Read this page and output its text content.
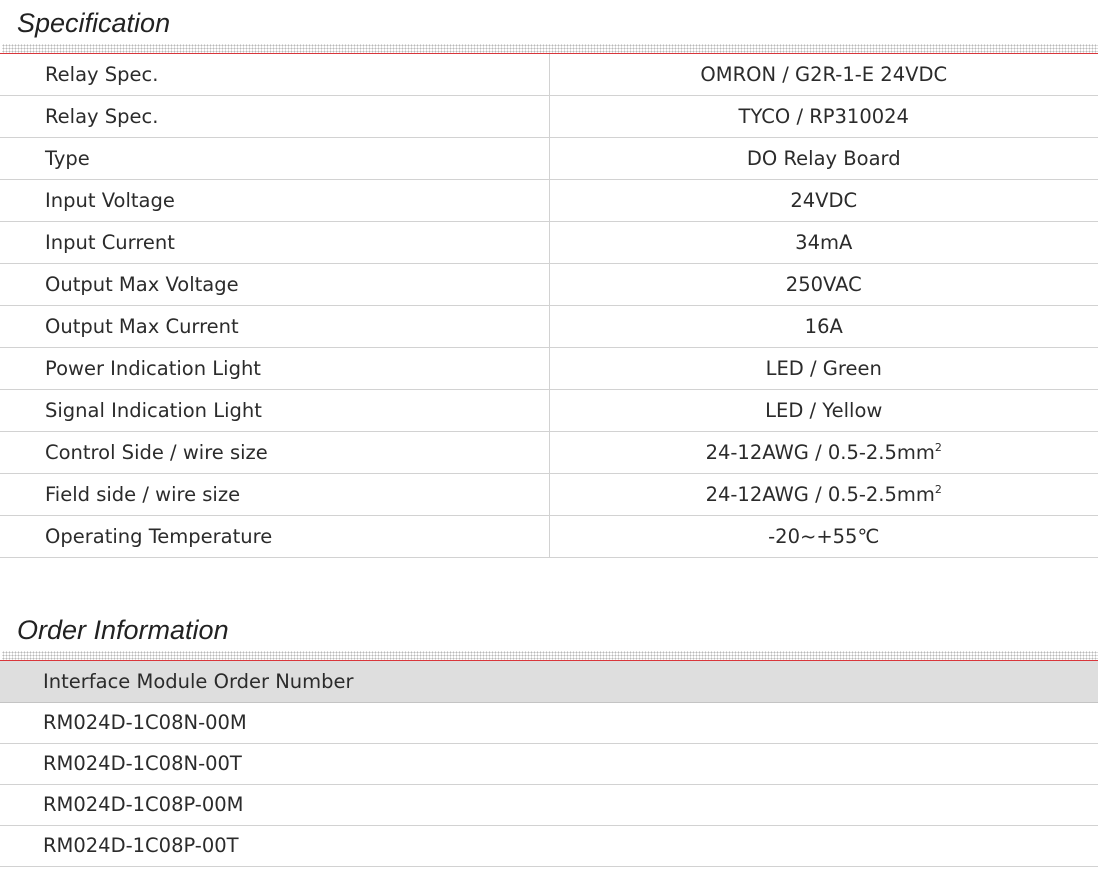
Specification
Relay Spec.	OMRON / G2R-1-E 24VDC
Relay Spec.	TYCO / RP310024
Type	DO Relay Board
Input Voltage	24VDC
Input Current	34mA
Output Max Voltage	250VAC
Output Max Current	16A
Power Indication Light	LED / Green
Signal Indication Light	LED / Yellow
Control Side / wire size	$24-12AWG / 0.5-2.5mm^2$
Field side / wire size	$24-12AWG / 0.5-2.5mm^2$
Operating Temperature	-20~+55℃
Order Information
Interface Module Order Number
RM024D-1C08N-00M
RM024D-1C08N-00T
RM024D-1C08P-00M
RM024D-1C08P-00T
